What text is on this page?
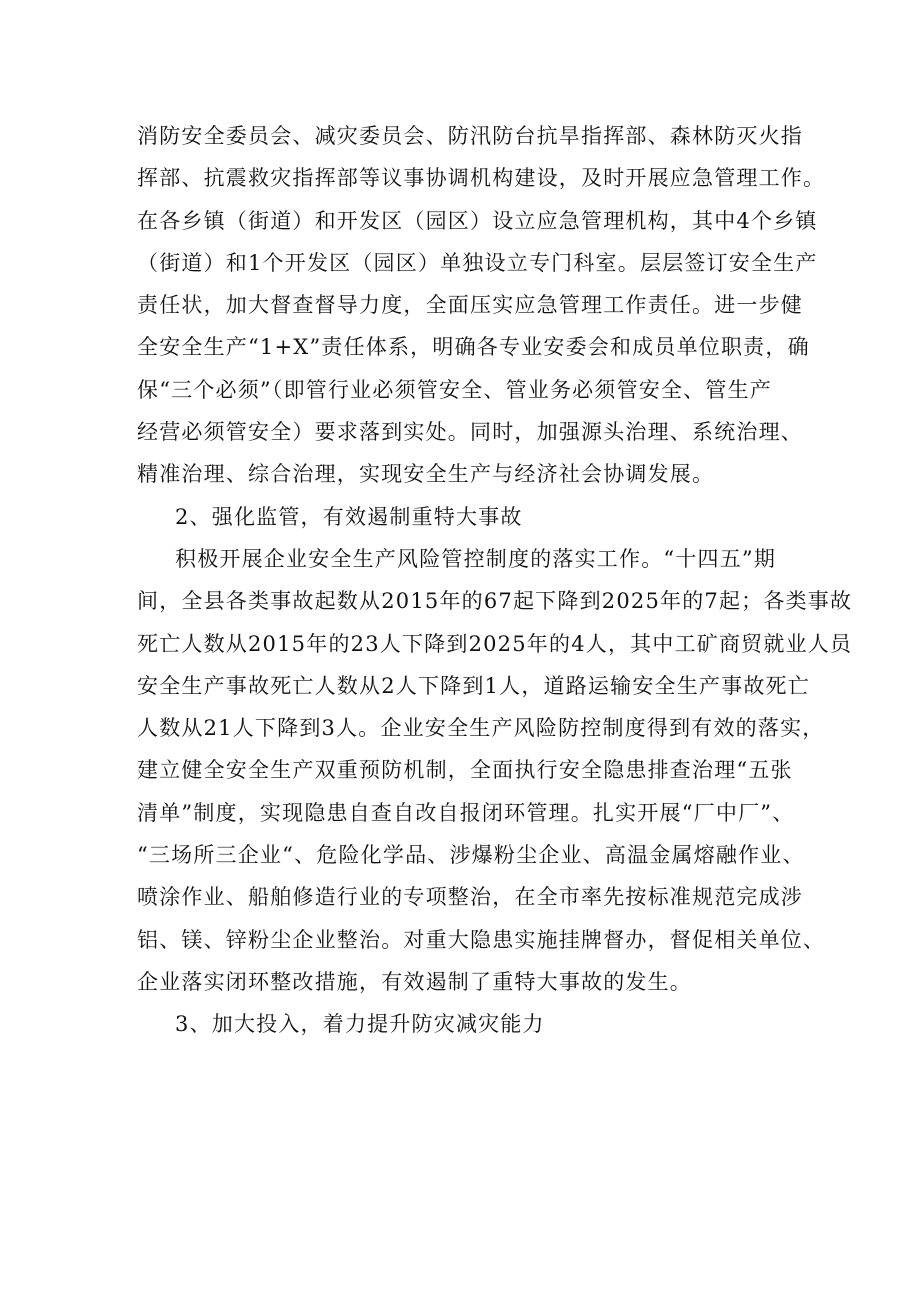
消防安全委员会、减灾委员会、防汛防台抗旱指挥部、森林防灭火指
挥部、抗震救灾指挥部等议事协调机构建设，及时开展应急管理工作。
在各乡镇（街道）和开发区（园区）设立应急管理机构，其中4个乡镇
（街道）和1个开发区（园区）单独设立专门科室。层层签订安全生产
责任状，加大督查督导力度，全面压实应急管理工作责任。进一步健
全安全生产“1+X”责任体系，明确各专业安委会和成员单位职责，确
保“三个必须”（即管行业必须管安全、管业务必须管安全、管生产
经营必须管安全）要求落到实处。同时，加强源头治理、系统治理、
精准治理、综合治理，实现安全生产与经济社会协调发展。
2、强化监管，有效遏制重特大事故
积极开展企业安全生产风险管控制度的落实工作。“十四五”期
间，全县各类事故起数从2015年的67起下降到2025年的7起；各类事故
死亡人数从2015年的23人下降到2025年的4人，其中工矿商贸就业人员
安全生产事故死亡人数从2人下降到1人，道路运输安全生产事故死亡
人数从21人下降到3人。企业安全生产风险防控制度得到有效的落实，
建立健全安全生产双重预防机制，全面执行安全隐患排查治理“五张
清单”制度，实现隐患自查自改自报闭环管理。扎实开展“厂中厂”、
“三场所三企业“、危险化学品、涉爆粉尘企业、高温金属熔融作业、
喷涂作业、船舶修造行业的专项整治，在全市率先按标准规范完成涉
铝、镁、锌粉尘企业整治。对重大隐患实施挂牌督办，督促相关单位、
企业落实闭环整改措施，有效遏制了重特大事故的发生。
3、加大投入，着力提升防灾减灾能力
